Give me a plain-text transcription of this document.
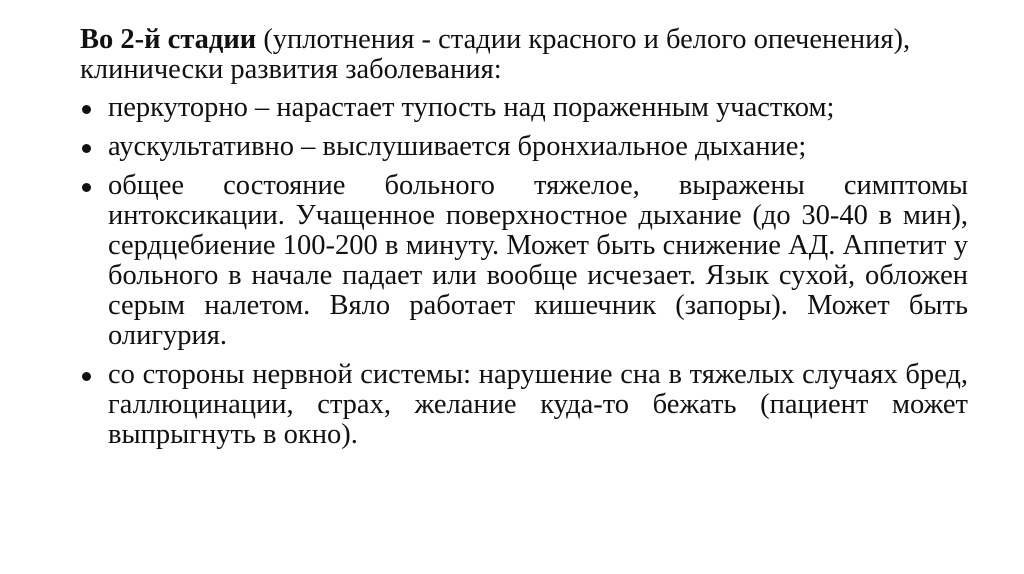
Во 2-й стадии (уплотнения - стадии красного и белого опеченения), клинически развития заболевания:

перкуторно – нарастает тупость над пораженным участком;
аускультативно – выслушивается бронхиальное дыхание;
общее состояние больного тяжелое, выражены симптомы интоксикации. Учащенное поверхностное дыхание (до 30-40 в мин), сердцебиение 100-200 в минуту. Может быть снижение АД. Аппетит у больного в начале падает или вообще исчезает. Язык сухой, обложен серым налетом. Вяло работает кишечник (запоры). Может быть олигурия.
со стороны нервной системы: нарушение сна в тяжелых случаях бред, галлюцинации, страх, желание куда-то бежать (пациент может выпрыгнуть в окно).
